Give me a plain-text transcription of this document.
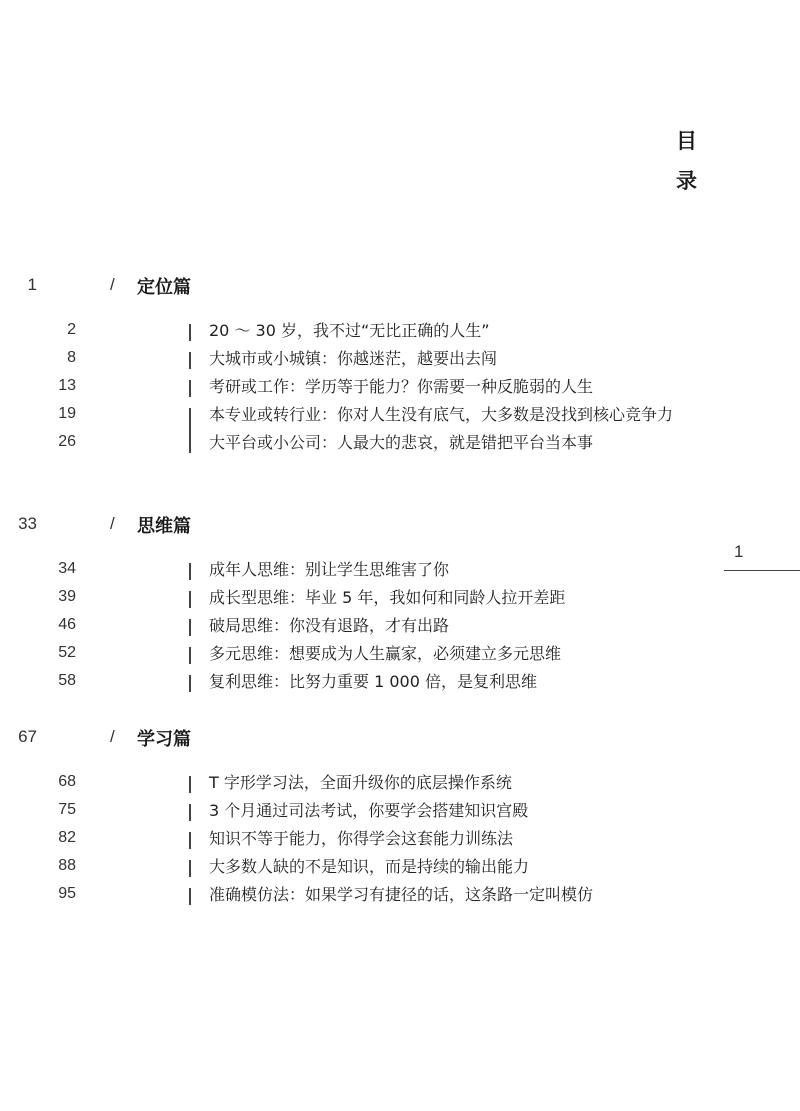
目
录
1
1	/ 定位篇
2	20 ～ 30 岁，我不过“无比正确的人生”
8	大城市或小城镇：你越迷茫，越要出去闯
13	考研或工作：学历等于能力？你需要一种反脆弱的人生
19	本专业或转行业：你对人生没有底气，大多数是没找到核心竞争力
26	大平台或小公司：人最大的悲哀，就是错把平台当本事
33	/ 思维篇
34	成年人思维：别让学生思维害了你
39	成长型思维：毕业 5 年，我如何和同龄人拉开差距
46	破局思维：你没有退路，才有出路
52	多元思维：想要成为人生赢家，必须建立多元思维
58	复利思维：比努力重要 1 000 倍，是复利思维
67	/ 学习篇
68	T 字形学习法，全面升级你的底层操作系统
75	3 个月通过司法考试，你要学会搭建知识宫殿
82	知识不等于能力，你得学会这套能力训练法
88	大多数人缺的不是知识，而是持续的输出能力
95	准确模仿法：如果学习有捷径的话，这条路一定叫模仿
